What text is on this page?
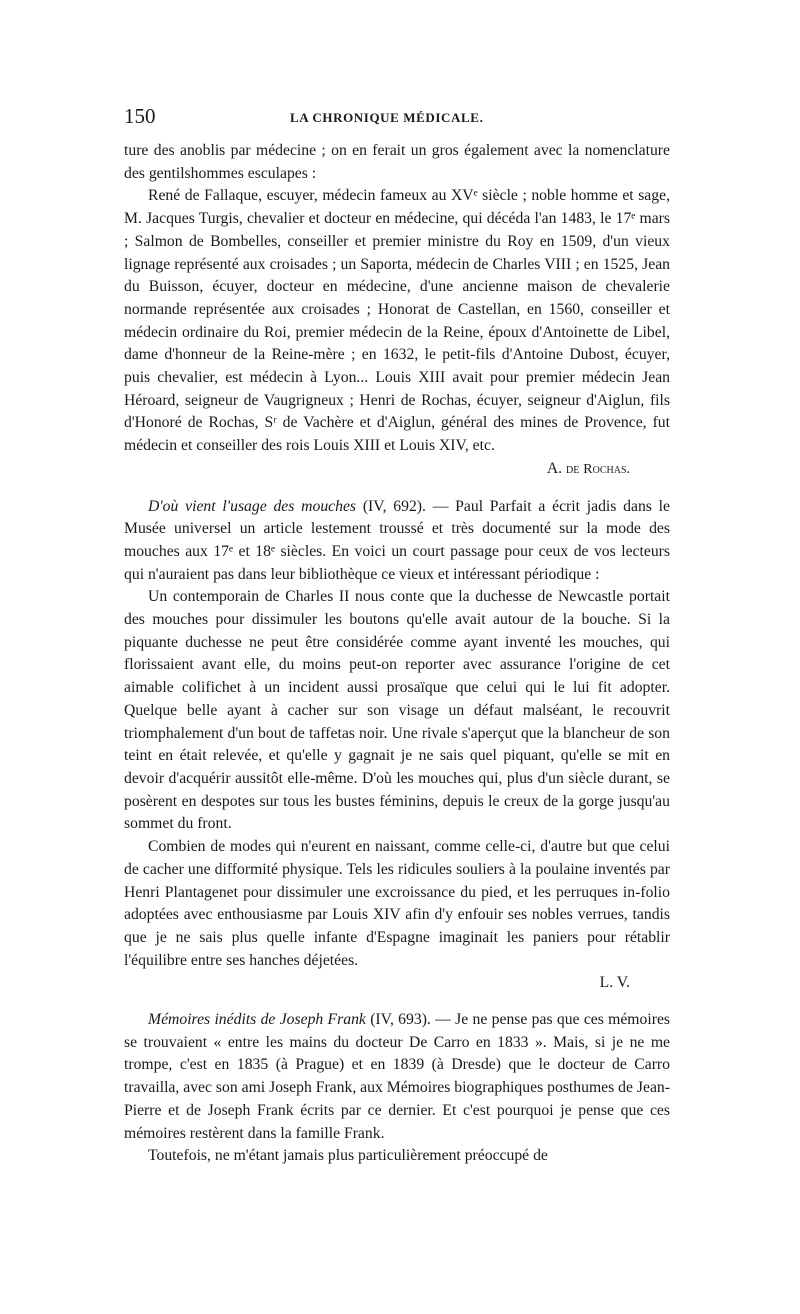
150	LA CHRONIQUE MÉDICALE.

ture des anoblis par médecine ; on en ferait un gros également avec la nomenclature des gentilshommes esculapes :

René de Fallaque, escuyer, médecin fameux au XVᵉ siècle ; noble homme et sage, M. Jacques Turgis, chevalier et docteur en médecine, qui décéda l'an 1483, le 17ᵉ mars ; Salmon de Bombelles, conseiller et premier ministre du Roy en 1509, d'un vieux lignage représenté aux croisades ; un Saporta, médecin de Charles VIII ; en 1525, Jean du Buisson, écuyer, docteur en médecine, d'une ancienne maison de chevalerie normande représentée aux croisades ; Honorat de Castellan, en 1560, conseiller et médecin ordinaire du Roi, premier médecin de la Reine, époux d'Antoinette de Libel, dame d'honneur de la Reine-mère ; en 1632, le petit-fils d'Antoine Dubost, écuyer, puis chevalier, est médecin à Lyon... Louis XIII avait pour premier médecin Jean Héroard, seigneur de Vaugrigneux ; Henri de Rochas, écuyer, seigneur d'Aiglun, fils d'Honoré de Rochas, Sʳ de Vachère et d'Aiglun, général des mines de Provence, fut médecin et conseiller des rois Louis XIII et Louis XIV, etc.

A. de Rochas.

D'où vient l'usage des mouches (IV, 692). — Paul Parfait a écrit jadis dans le Musée universel un article lestement troussé et très documenté sur la mode des mouches aux 17ᵉ et 18ᵉ siècles. En voici un court passage pour ceux de vos lecteurs qui n'auraient pas dans leur bibliothèque ce vieux et intéressant périodique :

Un contemporain de Charles II nous conte que la duchesse de Newcastle portait des mouches pour dissimuler les boutons qu'elle avait autour de la bouche. Si la piquante duchesse ne peut être considérée comme ayant inventé les mouches, qui florissaient avant elle, du moins peut-on reporter avec assurance l'origine de cet aimable colifichet à un incident aussi prosaïque que celui qui le lui fit adopter. Quelque belle ayant à cacher sur son visage un défaut malséant, le recouvrit triomphalement d'un bout de taffetas noir. Une rivale s'aperçut que la blancheur de son teint en était relevée, et qu'elle y gagnait je ne sais quel piquant, qu'elle se mit en devoir d'acquérir aussitôt elle-même. D'où les mouches qui, plus d'un siècle durant, se posèrent en despotes sur tous les bustes féminins, depuis le creux de la gorge jusqu'au sommet du front.

Combien de modes qui n'eurent en naissant, comme celle-ci, d'autre but que celui de cacher une difformité physique. Tels les ridicules souliers à la poulaine inventés par Henri Plantagenet pour dissimuler une excroissance du pied, et les perruques in-folio adoptées avec enthousiasme par Louis XIV afin d'y enfouir ses nobles verrues, tandis que je ne sais plus quelle infante d'Espagne imaginait les paniers pour rétablir l'équilibre entre ses hanches déjetées.

L. V.

Mémoires inédits de Joseph Frank (IV, 693). — Je ne pense pas que ces mémoires se trouvaient « entre les mains du docteur De Carro en 1833 ». Mais, si je ne me trompe, c'est en 1835 (à Prague) et en 1839 (à Dresde) que le docteur de Carro travailla, avec son ami Joseph Frank, aux Mémoires biographiques posthumes de Jean-Pierre et de Joseph Frank écrits par ce dernier. Et c'est pourquoi je pense que ces mémoires restèrent dans la famille Frank.

Toutefois, ne m'étant jamais plus particulièrement préoccupé de
